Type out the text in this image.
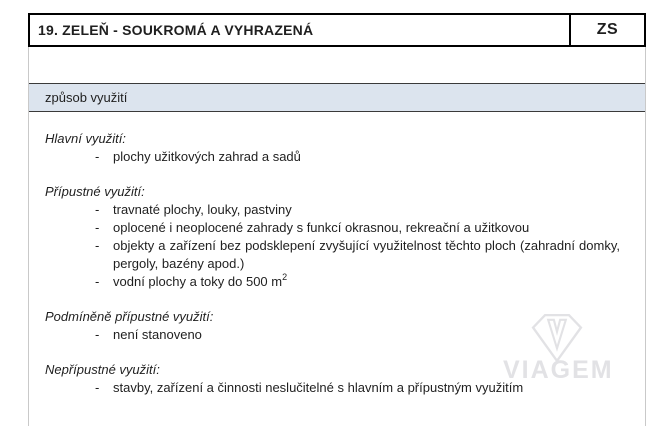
VIAGEM
19. ZELEŇ - SOUKROMÁ A VYHRAZENÁ	ZS
způsob využití
Hlavní využití:
- plochy užitkových zahrad a sadů
Přípustné využití:
- travnaté plochy, louky, pastviny
- oplocené i neoplocené zahrady s funkcí okrasnou, rekreační a užitkovou
- objekty a zařízení bez podsklepení zvyšující využitelnost těchto ploch (zahradní domky, pergoly, bazény apod.)
- vodní plochy a toky do 500 $m^2$
Podmíněně přípustné využití:
- není stanoveno
Nepřípustné využití:
- stavby, zařízení a činnosti neslučitelné s hlavním a přípustným využitím
